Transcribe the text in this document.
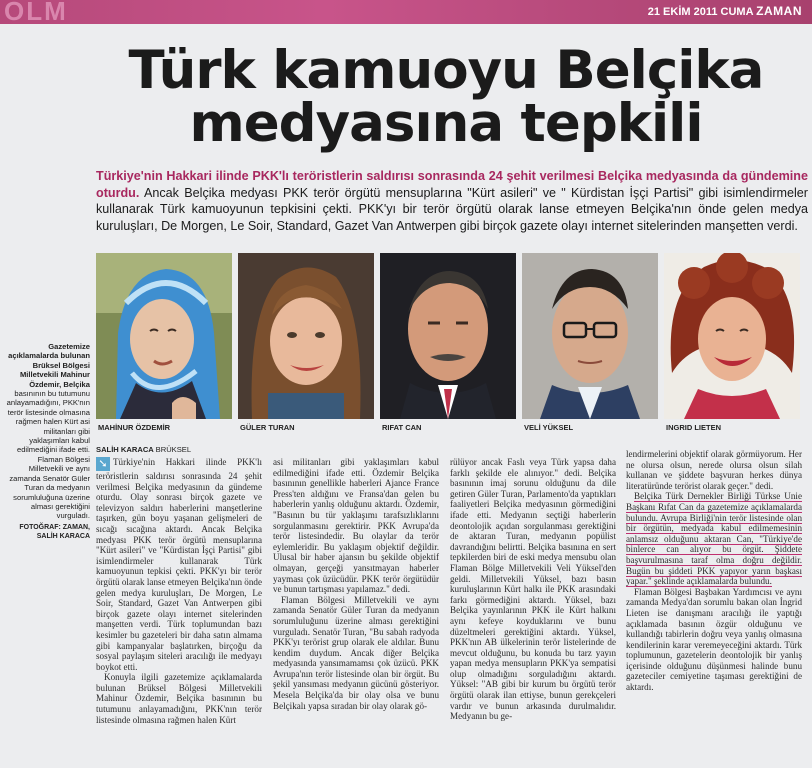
OLM	21 EKİM 2011 CUMA ZAMAN
Türk kamuoyu Belçika
medyasına tepkili
Türkiye'nin Hakkari ilinde PKK'lı teröristlerin saldırısı sonrasında 24 şehit verilmesi Belçika medyasında da gündemine oturdu. Ancak Belçika medyası PKK terör örgütü mensuplarına "Kürt asileri" ve " Kürdistan İşçi Partisi" gibi isimlendirmeler kullanarak Türk kamuoyunun tepkisini çekti. PKK'yı bir terör örgütü olarak lanse etmeyen Belçika'nın önde gelen medya kuruluşları, De Morgen, Le Soir, Standard, Gazet Van Antwerpen gibi birçok gazete olayı internet sitelerinden manşetten verdi.
MAHİNUR ÖZDEMİR	GÜLER TURAN	RIFAT CAN	VELİ YÜKSEL	INGRID LIETEN
Gazetemize açıklamalarda bulunan Brüksel Bölgesi Milletvekili Mahinur Özdemir, Belçika basınının bu tutumunu anlayamadığını, PKK'nın terör listesinde olmasına rağmen halen Kürt asi militanları gibi yaklaşımları kabul edilmediğini ifade etti. Flaman Bölgesi Milletvekili ve aynı zamanda Senatör Güler Turan da medyanın sorumluluğuna üzerine alması gerektiğini vurguladı.
FOTOĞRAF: ZAMAN, SALİH KARACA
SALİH KARACA BRÜKSEL

➘ Türkiye'nin Hakkari ilinde PKK'lı teröristlerin saldırısı sonrasında 24 şehit verilmesi Belçika medyasının da gündeme oturdu. Olay sonrası birçok gazete ve televizyon saldırı haberlerini manşetlerine taşırken, gün boyu yaşanan gelişmeleri de sıcağı sıcağına aktardı. Ancak Belçika medyası PKK terör örgütü mensuplarına "Kürt asileri" ve "Kürdistan İşçi Partisi" gibi isimlendirmeler kullanarak Türk kamuoyunun tepkisi çekti. PKK'yı bir terör örgütü olarak lanse etmeyen Belçika'nın önde gelen medya kuruluşları, De Morgen, Le Soir, Standard, Gazet Van Antwerpen gibi birçok gazete olayı internet sitelerinden manşetten verdi. Türk toplumundan bazı kesimler bu gazeteleri bir daha satın almama gibi kampanyalar başlatırken, birçoğu da sosyal paylaşım siteleri aracılığı ile medyayı boykot etti.

Konuyla ilgili gazetemize açıklamalarda bulunan Brüksel Bölgesi Milletvekili Mahinur Özdemir, Belçika basınının bu tutumunu anlayamadığını, PKK'nın terör listesinde olmasına rağmen halen Kürt

asi militanları gibi yaklaşımları kabul edilmediğini ifade etti. Özdemir Belçika basınının genellikle haberleri Ajance France Press'ten aldığını ve Fransa'dan gelen bu haberlerin yanlış olduğunu aktardı. Özdemir, "Basının bu tür yaklaşımı tarafsızlıklarını sorgulanmasını gerektirir. PKK Avrupa'da terör listesindedir. Bu olaylar da terör eylemleridir. Bu yaklaşım objektif değildir. Ulusal bir haber ajansın bu şekilde objektif olmayan, gerçeği yansıtmayan haberler yayması çok üzücüdür. PKK terör örgütüdür ve bunun tartışması yapılamaz." dedi.

Flaman Bölgesi Milletvekili ve aynı zamanda Senatör Güler Turan da medyanın sorumluluğunu üzerine alması gerektiğini vurguladı. Senatör Turan, "Bu sabah radyoda PKK'yı terörist grup olarak ele aldılar. Bunu kendim duydum. Ancak diğer Belçika medyasında yansımamamsı çok üzücü. PKK Avrupa'nın terör listesinde olan bir örgüt. Bu şekil yansıması medyanın gücünü gösteriyor. Mesela Belçika'da bir olay olsa ve bunu Belçikalı yapsa sıradan bir olay olarak gö-

rülüyor ancak Faslı veya Türk yapsa daha farklı şekilde ele alınıyor." dedi. Belçika basınının imaj sorunu olduğunu da dile getiren Güler Turan, Parlamento'da yaptıkları faaliyetleri Belçika medyasının görmediğini ifade etti. Medyanın seçtiği haberlerin deontolojik açıdan sorgulanması gerektiğini de aktaran Turan, medyanın popülist davrandığını belirtti. Belçika basınına en sert tepkilerden biri de eski medya mensubu olan Flaman Bölge Milletvekili Veli Yüksel'den geldi. Milletvekili Yüksel, bazı basın kuruluşlarının Kürt halkı ile PKK arasındaki farkı görmediğini aktardı. Yüksel, bazı Belçika yayınlarının PKK ile Kürt halkını aynı kefeye koyduklarını ve bunu düzeltmeleri gerektiğini aktardı. Yüksel, PKK'nın AB ülkelerinin terör listelerinde de mevcut olduğunu, bu konuda bu tarz yayın yapan medya mensupların PKK'ya sempatisi olup olmadığını sorguladığını aktardı. Yüksel: "AB gibi bir kurum bu örgütü terör örgütü olarak ilan ettiyse, bunun gerekçeleri vardır ve bunun arkasında durulmalıdır. Medyanın bu ge-

lendirmelerini objektif olarak görmüyorum. Her ne olursa olsun, nerede olursa olsun silah kullanan ve şiddete başvuran herkes dünya literatüründe terörist olarak geçer." dedi.

Belçika Türk Dernekler Birliği Türkse Unie Başkanı Rıfat Can da gazetemize açıklamalarda bulundu. Avrupa Birliği'nin terör listesinde olan bir örgütün, medyada kabul edilmemesinin anlamsız olduğunu aktaran Can, "Türkiye'de binlerce can alıyor bu örgüt. Şiddete başvurulmasına taraf olma doğru değildir. Bugün bu şiddeti PKK yapıyor yarın başkası yapar." şeklinde açıklamalarda bulundu.

Flaman Bölgesi Başbakan Yardımcısı ve aynı zamanda Medya'dan sorumlu bakan olan İngrid Lieten ise danışmanı aracılığı ile yaptığı açıklamada basının özgür olduğunu ve kullandığı tabirlerin doğru veya yanlış olmasına kendilerinin karar veremeyeceğini aktardı. Türk toplumunun, gazetelerin deontolojik bir yanlış içerisinde olduğunu düşünmesi halinde bunu gazeteciler cemiyetine taşıması gerektiğini de aktardı.
